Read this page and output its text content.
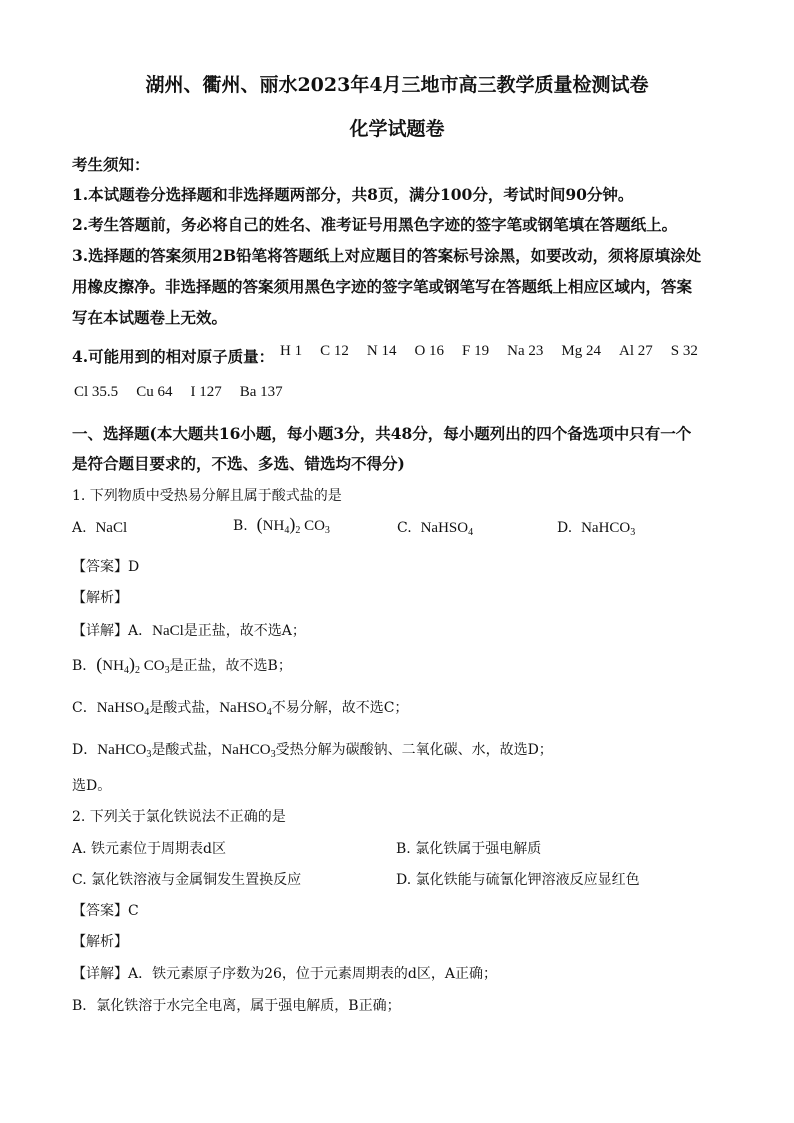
湖州、衢州、丽水2023年4月三地市高三教学质量检测试卷
化学试题卷
考生须知：
1.本试题卷分选择题和非选择题两部分，共8页，满分100分，考试时间90分钟。
2.考生答题前，务必将自己的姓名、准考证号用黑色字迹的签字笔或钢笔填在答题纸上。
3.选择题的答案须用2B铅笔将答题纸上对应题目的答案标号涂黑，如要改动，须将原填涂处
用橡皮擦净。非选择题的答案须用黑色字迹的签字笔或钢笔写在答题纸上相应区域内，答案
写在本试题卷上无效。
4.可能用到的相对原子质量： H 1 C 12 N 14 O 16 F 19 Na 23 Mg 24 Al 27 S 32
Cl 35.5 Cu 64 I 127 Ba 137
一、选择题(本大题共16小题，每小题3分，共48分，每小题列出的四个备选项中只有一个
是符合题目要求的，不选、多选、错选均不得分)
1. 下列物质中受热易分解且属于酸式盐的是
A. NaCl	B. $(NH_4)_2$ $CO_3$	C. NaHSO$_4$	D. NaHCO$_3$
【答案】D
【解析】
【详解】A．NaCl是正盐，故不选A；
B．$(NH_4)_2$ $CO_3$是正盐，故不选B；
C．NaHSO$_4$是酸式盐，NaHSO$_4$不易分解，故不选C；
D．NaHCO$_3$是酸式盐，NaHCO$_3$受热分解为碳酸钠、二氧化碳、水，故选D；
选D。
2. 下列关于氯化铁说法不正确的是
A. 铁元素位于周期表d区	B. 氯化铁属于强电解质
C. 氯化铁溶液与金属铜发生置换反应	D. 氯化铁能与硫氰化钾溶液反应显红色
【答案】C
【解析】
【详解】A．铁元素原子序数为26，位于元素周期表的d区，A正确；
B．氯化铁溶于水完全电离，属于强电解质，B正确；
